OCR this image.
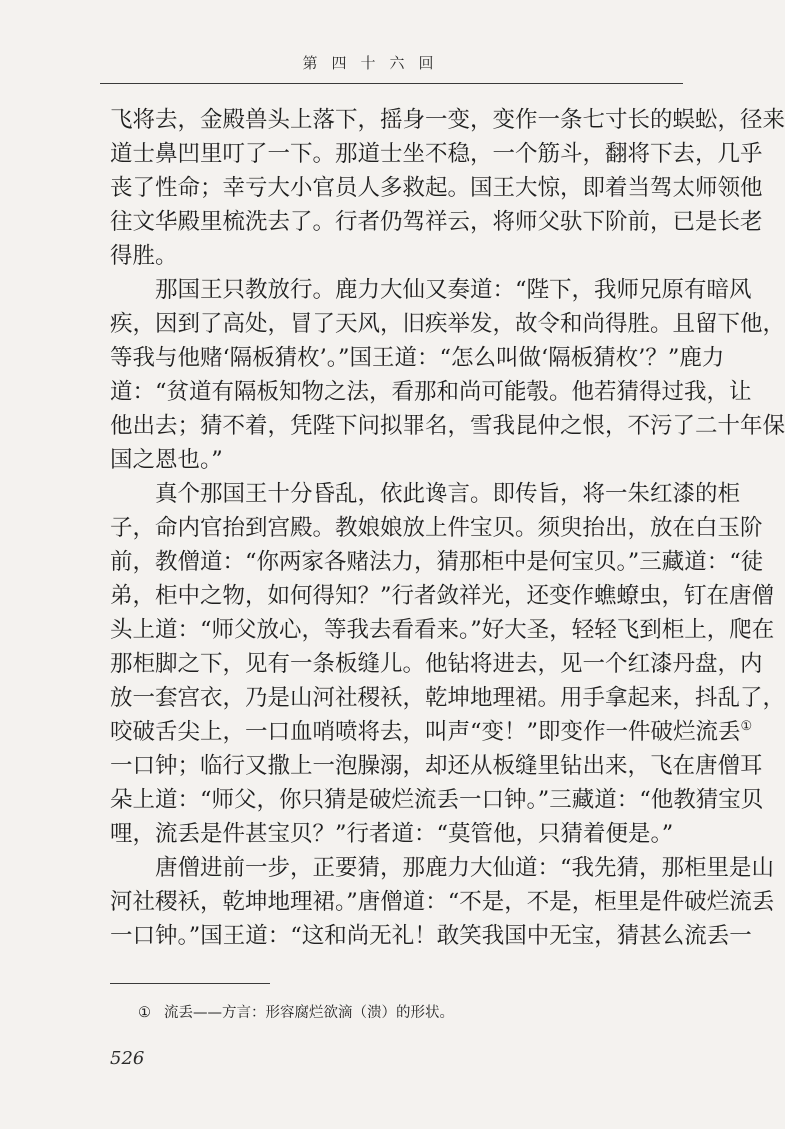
第四十六回
飞将去，金殿兽头上落下，摇身一变，变作一条七寸长的蜈蚣，径来
道士鼻凹里叮了一下。那道士坐不稳，一个筋斗，翻将下去，几乎
丧了性命；幸亏大小官员人多救起。国王大惊，即着当驾太师领他
往文华殿里梳洗去了。行者仍驾祥云，将师父驮下阶前，已是长老
得胜。
那国王只教放行。鹿力大仙又奏道：“陛下，我师兄原有暗风
疾，因到了高处，冒了天风，旧疾举发，故令和尚得胜。且留下他，
等我与他赌‘隔板猜枚’。”国王道：“怎么叫做‘隔板猜枚’？”鹿力
道：“贫道有隔板知物之法，看那和尚可能彀。他若猜得过我，让
他出去；猜不着，凭陛下问拟罪名，雪我昆仲之恨，不污了二十年保
国之恩也。”
真个那国王十分昏乱，依此谗言。即传旨，将一朱红漆的柜
子，命内官抬到宫殿。教娘娘放上件宝贝。须臾抬出，放在白玉阶
前，教僧道：“你两家各赌法力，猜那柜中是何宝贝。”三藏道：“徒
弟，柜中之物，如何得知？”行者敛祥光，还变作蟭蟟虫，钉在唐僧
头上道：“师父放心，等我去看看来。”好大圣，轻轻飞到柜上，爬在
那柜脚之下，见有一条板缝儿。他钻将进去，见一个红漆丹盘，内
放一套宫衣，乃是山河社稷袄，乾坤地理裙。用手拿起来，抖乱了，
咬破舌尖上，一口血哨喷将去，叫声“变！”即变作一件破烂流丢①
一口钟；临行又撒上一泡臊溺，却还从板缝里钻出来，飞在唐僧耳
朵上道：“师父，你只猜是破烂流丢一口钟。”三藏道：“他教猜宝贝
哩，流丢是件甚宝贝？”行者道：“莫管他，只猜着便是。”
唐僧进前一步，正要猜，那鹿力大仙道：“我先猜，那柜里是山
河社稷袄，乾坤地理裙。”唐僧道：“不是，不是，柜里是件破烂流丢
一口钟。”国王道：“这和尚无礼！敢笑我国中无宝，猜甚么流丢一
① 流丢——方言：形容腐烂欲滴（溃）的形状。
526
